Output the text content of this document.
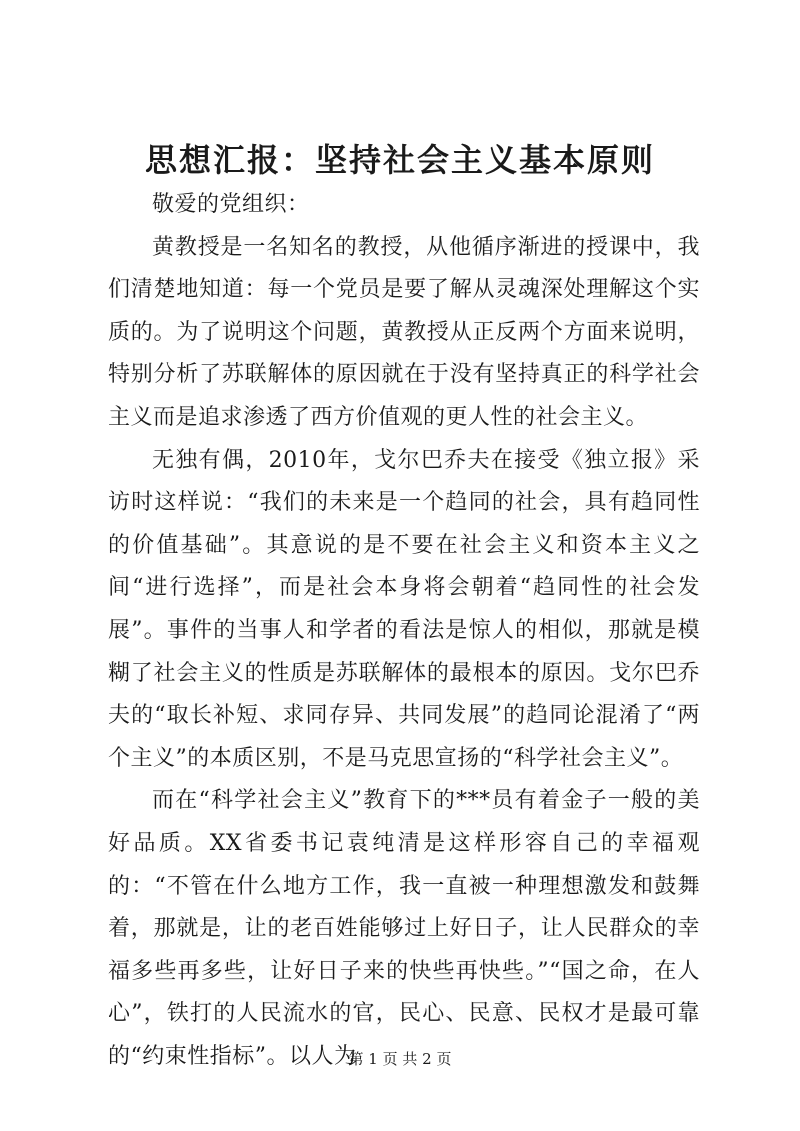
思想汇报：坚持社会主义基本原则

敬爱的党组织：

黄教授是一名知名的教授，从他循序渐进的授课中，我们清楚地知道：每一个党员是要了解从灵魂深处理解这个实质的。为了说明这个问题，黄教授从正反两个方面来说明，特别分析了苏联解体的原因就在于没有坚持真正的科学社会主义而是追求渗透了西方价值观的更人性的社会主义。

无独有偶，2010年，戈尔巴乔夫在接受《独立报》采访时这样说：“我们的未来是一个趋同的社会，具有趋同性的价值基础”。其意说的是不要在社会主义和资本主义之间“进行选择”，而是社会本身将会朝着“趋同性的社会发展”。事件的当事人和学者的看法是惊人的相似，那就是模糊了社会主义的性质是苏联解体的最根本的原因。戈尔巴乔夫的“取长补短、求同存异、共同发展”的趋同论混淆了“两个主义”的本质区别，不是马克思宣扬的“科学社会主义”。

而在“科学社会主义”教育下的***员有着金子一般的美好品质。XX省委书记袁纯清是这样形容自己的幸福观的：“不管在什么地方工作，我一直被一种理想激发和鼓舞着，那就是，让的老百姓能够过上好日子，让人民群众的幸福多些再多些，让好日子来的快些再快些。”“国之命，在人心”，铁打的人民流水的官，民心、民意、民权才是最可靠的“约束性指标”。以人为

第 1 页 共 2 页
